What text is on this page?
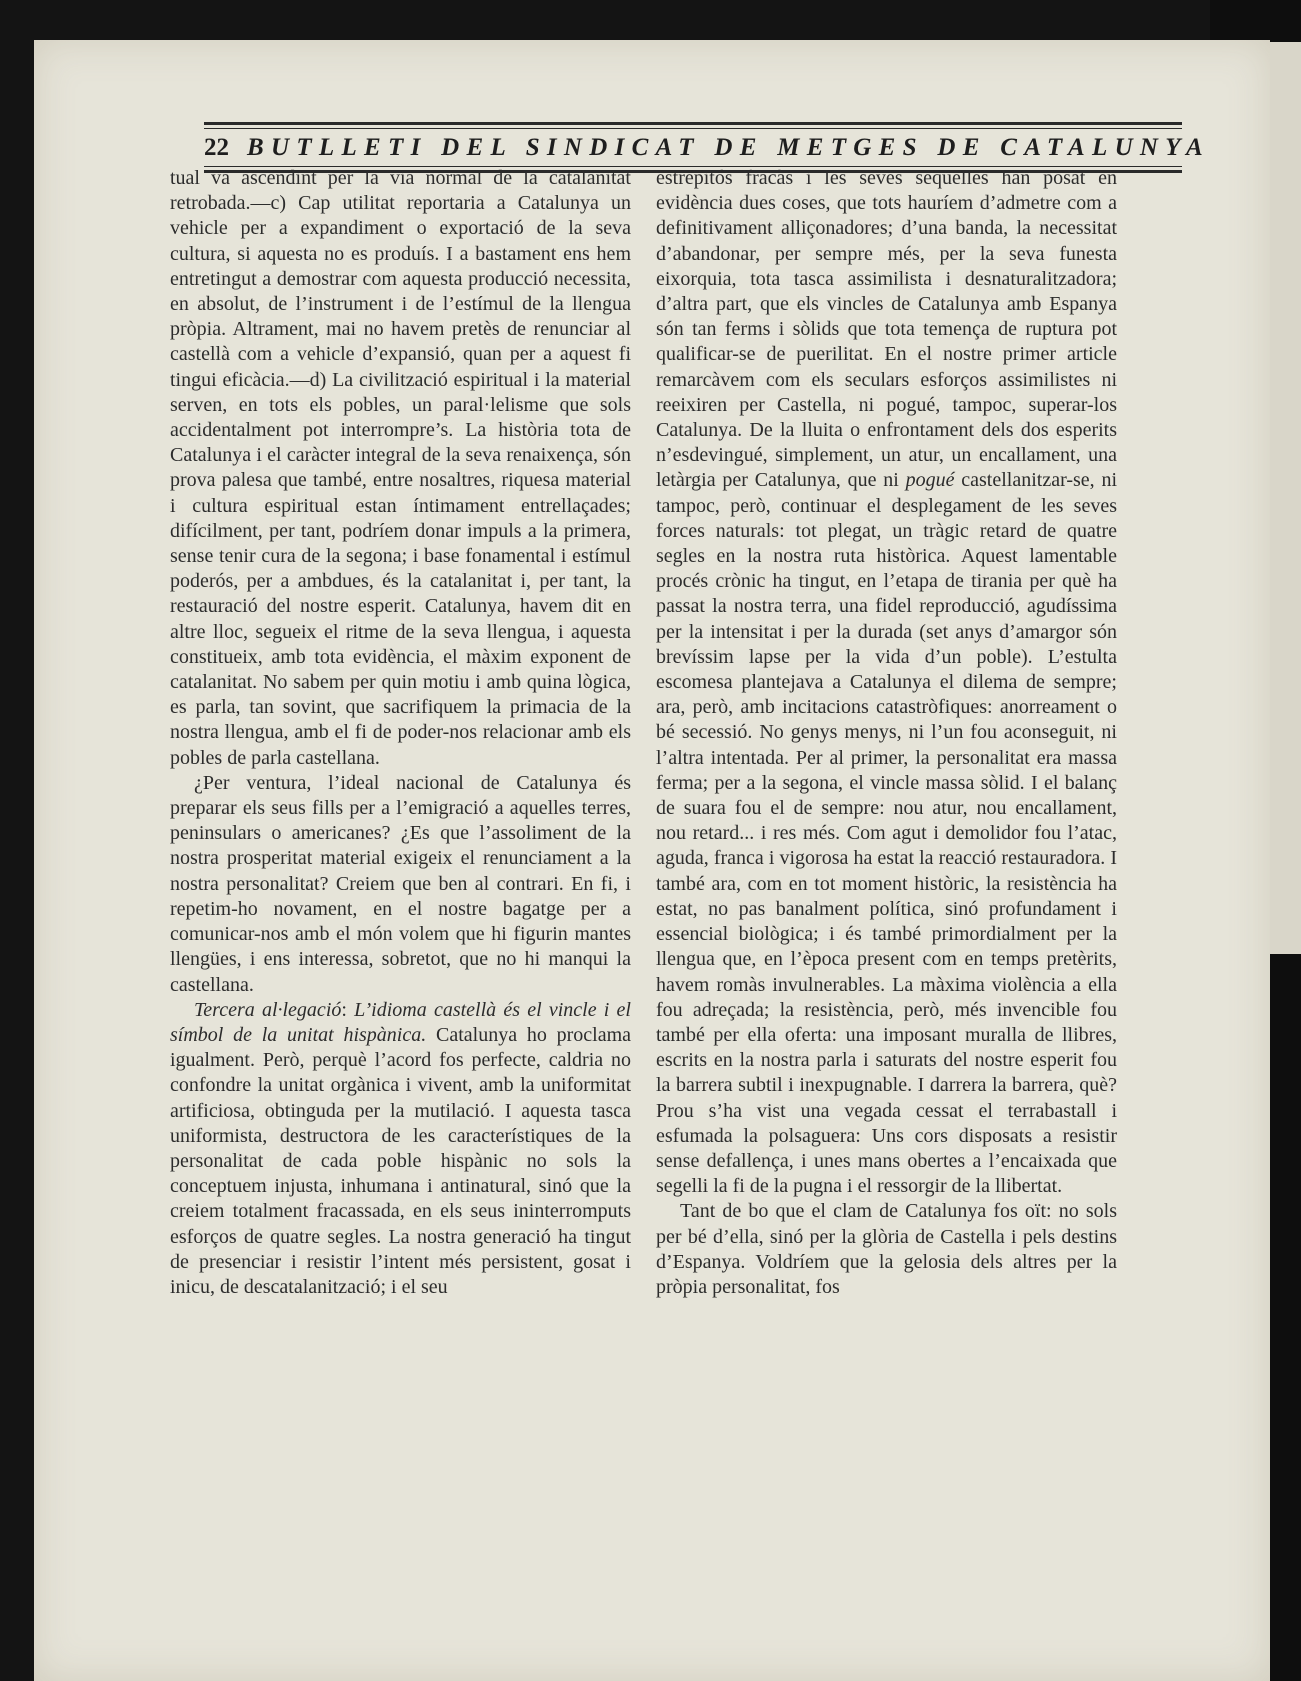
22 BUTLLETI DEL SINDICAT DE METGES DE CATALUNYA

tual va ascendint per la via normal de la catalanitat retrobada.—c) Cap utilitat reportaria a Catalunya un vehicle per a expandiment o exportació de la seva cultura, si aquesta no es produís. I a bastament ens hem entretingut a demostrar com aquesta producció necessita, en absolut, de l’instrument i de l’estímul de la llengua pròpia. Altrament, mai no havem pretès de renunciar al castellà com a vehicle d’expansió, quan per a aquest fi tingui eficàcia.—d) La civilització espiritual i la material serven, en tots els pobles, un paral·lelisme que sols accidentalment pot interrompre’s. La història tota de Catalunya i el caràcter integral de la seva renaixença, són prova palesa que també, entre nosaltres, riquesa material i cultura espiritual estan íntimament entrellaçades; difícilment, per tant, podríem donar impuls a la primera, sense tenir cura de la segona; i base fonamental i estímul poderós, per a ambdues, és la catalanitat i, per tant, la restauració del nostre esperit. Catalunya, havem dit en altre lloc, segueix el ritme de la seva llengua, i aquesta constitueix, amb tota evidència, el màxim exponent de catalanitat. No sabem per quin motiu i amb quina lògica, es parla, tan sovint, que sacrifiquem la primacia de la nostra llengua, amb el fi de poder-nos relacionar amb els pobles de parla castellana.

¿Per ventura, l’ideal nacional de Catalunya és preparar els seus fills per a l’emigració a aquelles terres, peninsulars o americanes? ¿Es que l’assoliment de la nostra prosperitat material exigeix el renunciament a la nostra personalitat? Creiem que ben al contrari. En fi, i repetim-ho novament, en el nostre bagatge per a comunicar-nos amb el món volem que hi figurin mantes llengües, i ens interessa, sobretot, que no hi manqui la castellana.

Tercera al·legació: L’idioma castellà és el vincle i el símbol de la unitat hispànica. Catalunya ho proclama igualment. Però, perquè l’acord fos perfecte, caldria no confondre la unitat orgànica i vivent, amb la uniformitat artificiosa, obtinguda per la mutilació. I aquesta tasca uniformista, destructora de les característiques de la personalitat de cada poble hispànic no sols la conceptuem injusta, inhumana i antinatural, sinó que la creiem totalment fracassada, en els seus ininterromputs esforços de quatre segles. La nostra generació ha tingut de presenciar i resistir l’intent més persistent, gosat i inicu, de descatalanització; i el seu

estrepitós fracàs i les seves seqüelles han posat en evidència dues coses, que tots hauríem d’admetre com a definitivament alliçonadores; d’una banda, la necessitat d’abandonar, per sempre més, per la seva funesta eixorquia, tota tasca assimilista i desnaturalitzadora; d’altra part, que els vincles de Catalunya amb Espanya són tan ferms i sòlids que tota temença de ruptura pot qualificar-se de puerilitat. En el nostre primer article remarcàvem com els seculars esforços assimilistes ni reeixiren per Castella, ni pogué, tampoc, superar-los Catalunya. De la lluita o enfrontament dels dos esperits n’esdevingué, simplement, un atur, un encallament, una letàrgia per Catalunya, que ni pogué castellanitzar-se, ni tampoc, però, continuar el desplegament de les seves forces naturals: tot plegat, un tràgic retard de quatre segles en la nostra ruta històrica. Aquest lamentable procés crònic ha tingut, en l’etapa de tirania per què ha passat la nostra terra, una fidel reproducció, agudíssima per la intensitat i per la durada (set anys d’amargor són brevíssim lapse per la vida d’un poble). L’estulta escomesa plantejava a Catalunya el dilema de sempre; ara, però, amb incitacions catastròfiques: anorreament o bé secessió. No genys menys, ni l’un fou aconseguit, ni l’altra intentada. Per al primer, la personalitat era massa ferma; per a la segona, el vincle massa sòlid. I el balanç de suara fou el de sempre: nou atur, nou encallament, nou retard... i res més. Com agut i demolidor fou l’atac, aguda, franca i vigorosa ha estat la reacció restauradora. I també ara, com en tot moment històric, la resistència ha estat, no pas banalment política, sinó profundament i essencial biològica; i és també primordialment per la llengua que, en l’època present com en temps pretèrits, havem romàs invulnerables. La màxima violència a ella fou adreçada; la resistència, però, més invencible fou també per ella oferta: una imposant muralla de llibres, escrits en la nostra parla i saturats del nostre esperit fou la barrera subtil i inexpugnable. I darrera la barrera, què? Prou s’ha vist una vegada cessat el terrabastall i esfumada la polsaguera: Uns cors disposats a resistir sense defallença, i unes mans obertes a l’encaixada que segelli la fi de la pugna i el ressorgir de la llibertat.

Tant de bo que el clam de Catalunya fos oït: no sols per bé d’ella, sinó per la glòria de Castella i pels destins d’Espanya. Voldríem que la gelosia dels altres per la pròpia personalitat, fos
